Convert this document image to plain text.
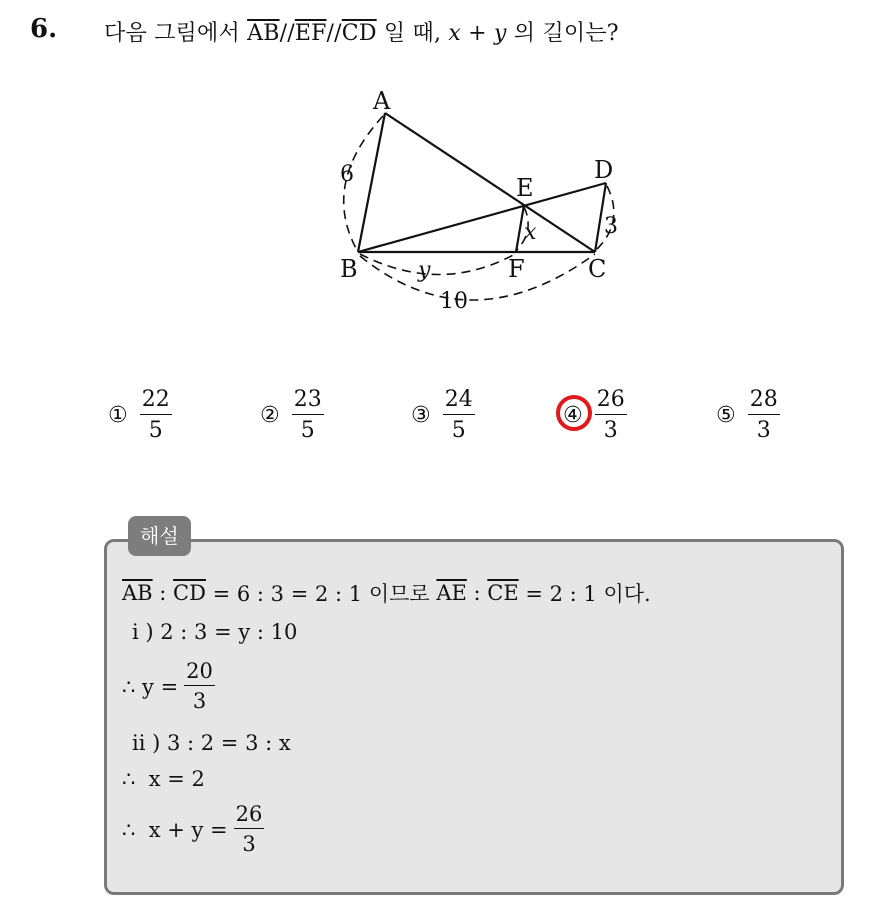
6. 다음 그림에서 $\overline{AB}//\overline{EF}//\overline{CD}$ 일 때, x + y 의 길이는?
A
B	C
D
E
F
6
3
x
y
10
① $\frac{22}{5}$	② $\frac{23}{5}$	③ $\frac{24}{5}$	④ $\frac{26}{3}$	⑤ $\frac{28}{3}$
해설
$\overline{AB}$ : $\overline{CD} = 6$ : 3 = 2 : 1 이므로 $\overline{AE}$ : $\overline{CE} = 2$ : 1 이다.
i ) 2 : 3 = y : 10
∴ $y = \frac{20}{3}$
ii ) 3 : 2 = 3 : x
∴  x = 2
∴  $x + y = \frac{26}{3}$
